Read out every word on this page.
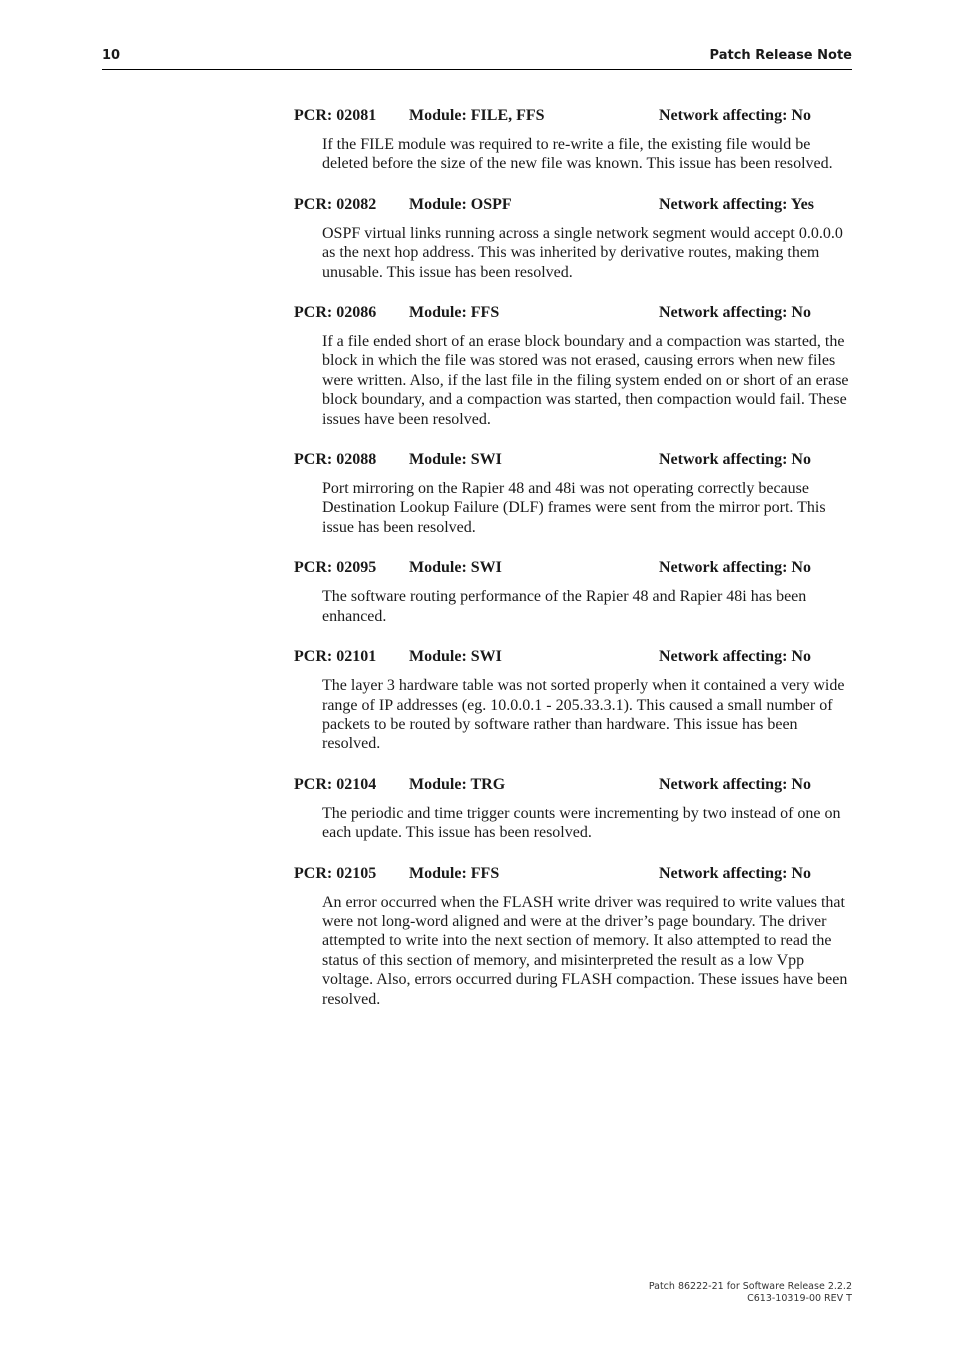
10	Patch Release Note
PCR: 02081 Module: FILE, FFS	Network affecting: No
If the FILE module was required to re-write a file, the existing file would be deleted before the size of the new file was known. This issue has been resolved.
PCR: 02082 Module: OSPF	Network affecting: Yes
OSPF virtual links running across a single network segment would accept 0.0.0.0 as the next hop address. This was inherited by derivative routes, making them unusable. This issue has been resolved.
PCR: 02086 Module: FFS	Network affecting: No
If a file ended short of an erase block boundary and a compaction was started, the block in which the file was stored was not erased, causing errors when new files were written. Also, if the last file in the filing system ended on or short of an erase block boundary, and a compaction was started, then compaction would fail. These issues have been resolved.
PCR: 02088 Module: SWI	Network affecting: No
Port mirroring on the Rapier 48 and 48i was not operating correctly because Destination Lookup Failure (DLF) frames were sent from the mirror port. This issue has been resolved.
PCR: 02095 Module: SWI	Network affecting: No
The software routing performance of the Rapier 48 and Rapier 48i has been enhanced.
PCR: 02101 Module: SWI	Network affecting: No
The layer 3 hardware table was not sorted properly when it contained a very wide range of IP addresses (eg. 10.0.0.1 - 205.33.3.1). This caused a small number of packets to be routed by software rather than hardware. This issue has been resolved.
PCR: 02104 Module: TRG	Network affecting: No
The periodic and time trigger counts were incrementing by two instead of one on each update. This issue has been resolved.
PCR: 02105 Module: FFS	Network affecting: No
An error occurred when the FLASH write driver was required to write values that were not long-word aligned and were at the driver’s page boundary. The driver attempted to write into the next section of memory. It also attempted to read the status of this section of memory, and misinterpreted the result as a low Vpp voltage. Also, errors occurred during FLASH compaction. These issues have been resolved.
Patch 86222-21 for Software Release 2.2.2
C613-10319-00 REV T
